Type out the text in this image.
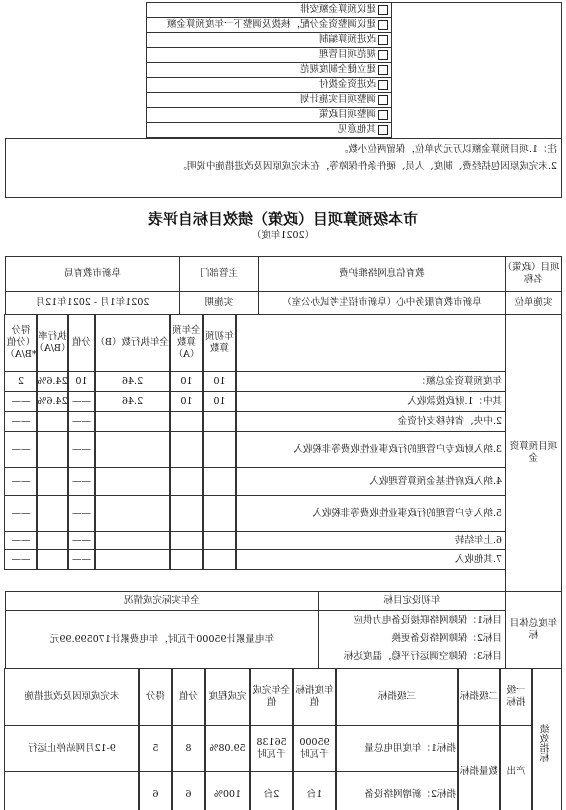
建议预算金额安排
建议调整资金分配，核拨及调整下一年度预算金额
改进预算编制
规范项目管理
建立健全制度规范
改进资金拨付
调整项目实施计划
调整项目政策
其他意见
注：1.项目预算金额以万元为单位，保留两位小数。
2.未完成原因包括经费、制度、人员、硬件条件保障等，在未完成原因及改进措施中说明。
市本级预算项目（政策）绩效目标自评表
（2021年度）
项目（政策）名称
教育信息网络维护费
主管部门
阜新市教育局
实施单位
阜新市教育服务中心（阜新市招生考试办公室）
实施期
2021年1月 - 2021年12月
项目预算资金
年初预算数
全年预算数（A）
全年执行数（B）
分值
执行率（B/A）
得分（分值*B/A）
年度预算资金总额：
10
10
2.46
10
24.6%
2
其中：1.财政拨款收入
10
10
2.46
——
24.6%
——
2.中央、省转移支付资金
——
——
3.纳入财政专户管理的行政事业性收费等非税收入
——
——
4.纳入政府性基金预算管理收入
——
——
5.纳入专户管理的行政事业性收费等非税收入
——
——
6.上年结转
——
——
7.其他收入
——
——
年度总体目标
年初设定目标
全年实际完成情况
目标1：保障网络联接设备电力供应
目标2：保障网络设备更换
目标3：保障空调运行平稳，温度达标
年电量累计95000千瓦时，年电费累计170599.99元
绩效指标
一级指标
二级指标
三级指标
年度指标值
全年完成值
完成程度
分值
得分
未完成原因及改进措施
产出
数量指标
指标1：年度用电总量
95000千瓦时
56138千瓦时
59.08%
8
5
9-12月网站停止运行
指标2：新增网络设备
1台
2台
100%
6
6
